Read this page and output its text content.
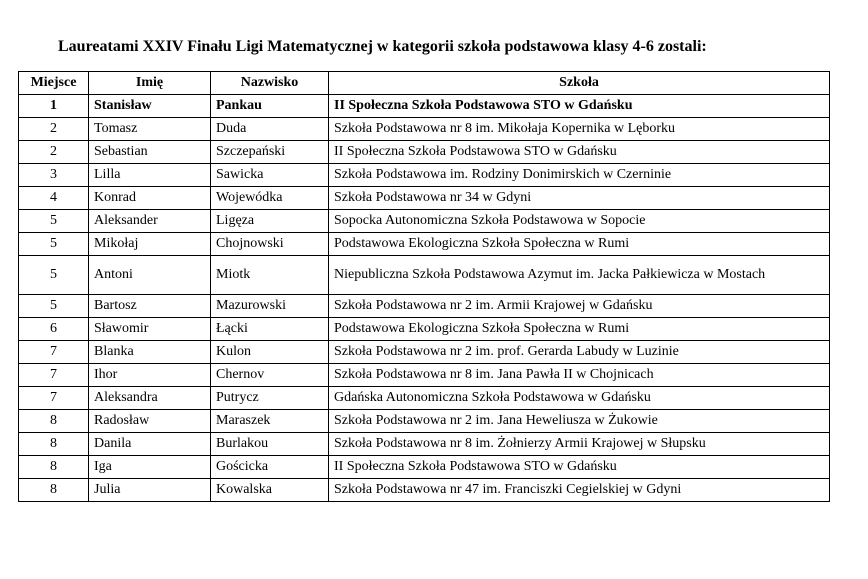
Laureatami XXIV Finału Ligi Matematycznej w kategorii szkoła podstawowa klasy 4-6 zostali:
Miejsce	Imię	Nazwisko	Szkoła
1	Stanisław	Pankau	II Społeczna Szkoła Podstawowa STO w Gdańsku
2	Tomasz	Duda	Szkoła Podstawowa nr 8 im. Mikołaja Kopernika w Lęborku
2	Sebastian	Szczepański	II Społeczna Szkoła Podstawowa STO w Gdańsku
3	Lilla	Sawicka	Szkoła Podstawowa im. Rodziny Donimirskich w Czerninie
4	Konrad	Wojewódka	Szkoła Podstawowa nr 34 w Gdyni
5	Aleksander	Ligęza	Sopocka Autonomiczna Szkoła Podstawowa w Sopocie
5	Mikołaj	Chojnowski	Podstawowa Ekologiczna Szkoła Społeczna w Rumi
5	Antoni	Miotk	Niepubliczna Szkoła Podstawowa Azymut im. Jacka Pałkiewicza w Mostach
5	Bartosz	Mazurowski	Szkoła Podstawowa nr 2 im. Armii Krajowej w Gdańsku
6	Sławomir	Łącki	Podstawowa Ekologiczna Szkoła Społeczna w Rumi
7	Blanka	Kulon	Szkoła Podstawowa nr 2 im. prof. Gerarda Labudy w Luzinie
7	Ihor	Chernov	Szkoła Podstawowa nr 8 im. Jana Pawła II w Chojnicach
7	Aleksandra	Putrycz	Gdańska Autonomiczna Szkoła Podstawowa w Gdańsku
8	Radosław	Maraszek	Szkoła Podstawowa nr 2 im. Jana Heweliusza w Żukowie
8	Danila	Burlakou	Szkoła Podstawowa nr 8 im. Żołnierzy Armii Krajowej w Słupsku
8	Iga	Gościcka	II Społeczna Szkoła Podstawowa STO w Gdańsku
8	Julia	Kowalska	Szkoła Podstawowa nr 47 im. Franciszki Cegielskiej w Gdyni
